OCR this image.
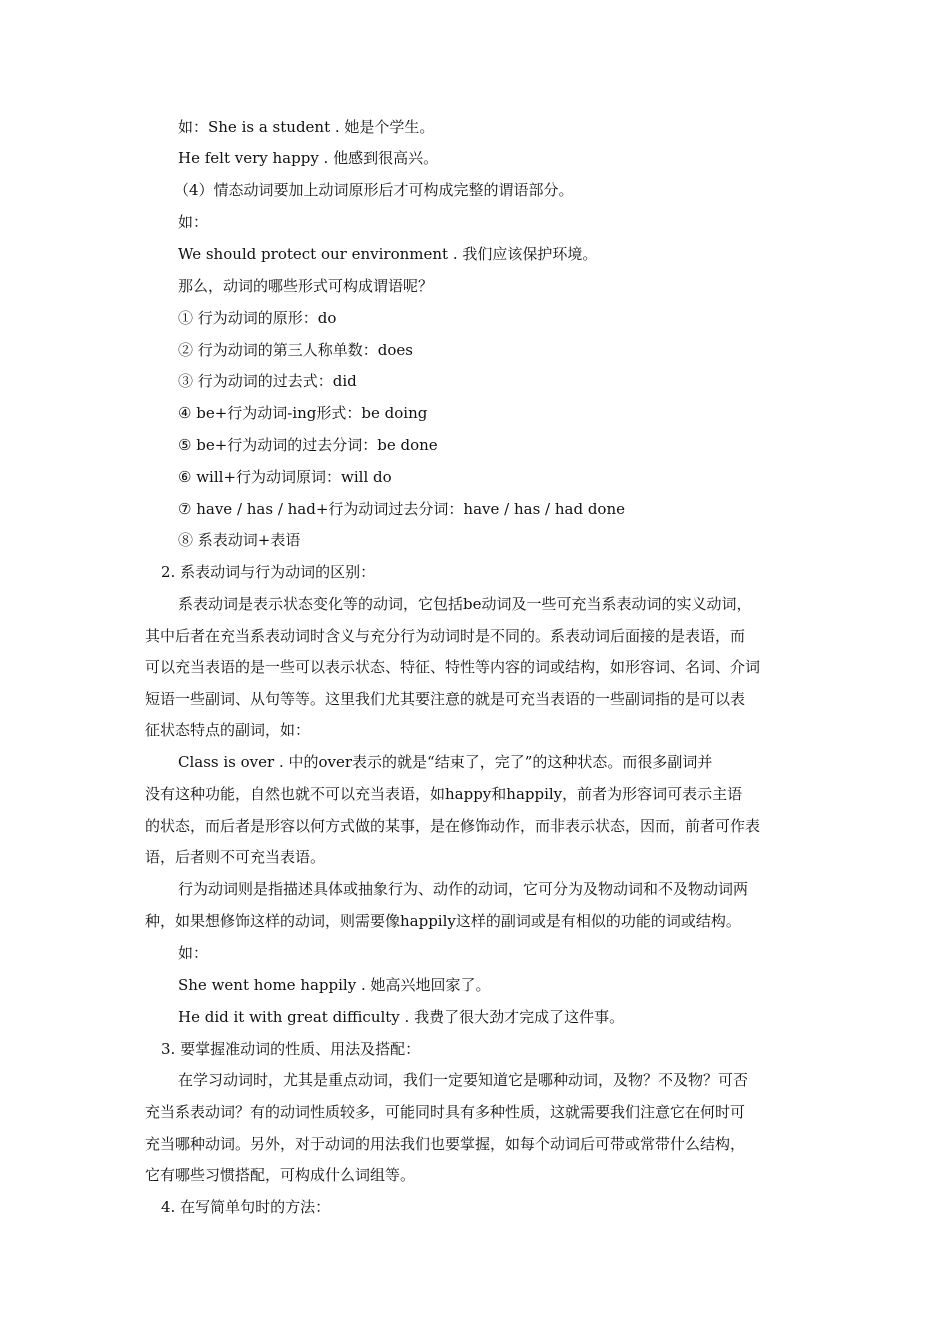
如：She is a student . 她是个学生。
He felt very happy . 他感到很高兴。
（4）情态动词要加上动词原形后才可构成完整的谓语部分。
如：
We should protect our environment . 我们应该保护环境。
那么，动词的哪些形式可构成谓语呢？
① 行为动词的原形：do
② 行为动词的第三人称单数：does
③ 行为动词的过去式：did
④ be+行为动词-ing形式：be doing
⑤ be+行为动词的过去分词：be done
⑥ will+行为动词原词：will do
⑦ have / has / had+行为动词过去分词：have / has / had done
⑧ 系表动词+表语
2. 系表动词与行为动词的区别：
系表动词是表示状态变化等的动词，它包括be动词及一些可充当系表动词的实义动词，
其中后者在充当系表动词时含义与充分行为动词时是不同的。系表动词后面接的是表语，而
可以充当表语的是一些可以表示状态、特征、特性等内容的词或结构，如形容词、名词、介词
短语一些副词、从句等等。这里我们尤其要注意的就是可充当表语的一些副词指的是可以表
征状态特点的副词，如：
Class is over . 中的over表示的就是“结束了，完了”的这种状态。而很多副词并
没有这种功能，自然也就不可以充当表语，如happy和happily，前者为形容词可表示主语
的状态，而后者是形容以何方式做的某事，是在修饰动作，而非表示状态，因而，前者可作表
语，后者则不可充当表语。
行为动词则是指描述具体或抽象行为、动作的动词，它可分为及物动词和不及物动词两
种，如果想修饰这样的动词，则需要像happily这样的副词或是有相似的功能的词或结构。
如：
She went home happily . 她高兴地回家了。
He did it with great difficulty . 我费了很大劲才完成了这件事。
3. 要掌握准动词的性质、用法及搭配：
在学习动词时，尤其是重点动词，我们一定要知道它是哪种动词，及物？不及物？可否
充当系表动词？有的动词性质较多，可能同时具有多种性质，这就需要我们注意它在何时可
充当哪种动词。另外，对于动词的用法我们也要掌握，如每个动词后可带或常带什么结构，
它有哪些习惯搭配，可构成什么词组等。
4. 在写简单句时的方法：
